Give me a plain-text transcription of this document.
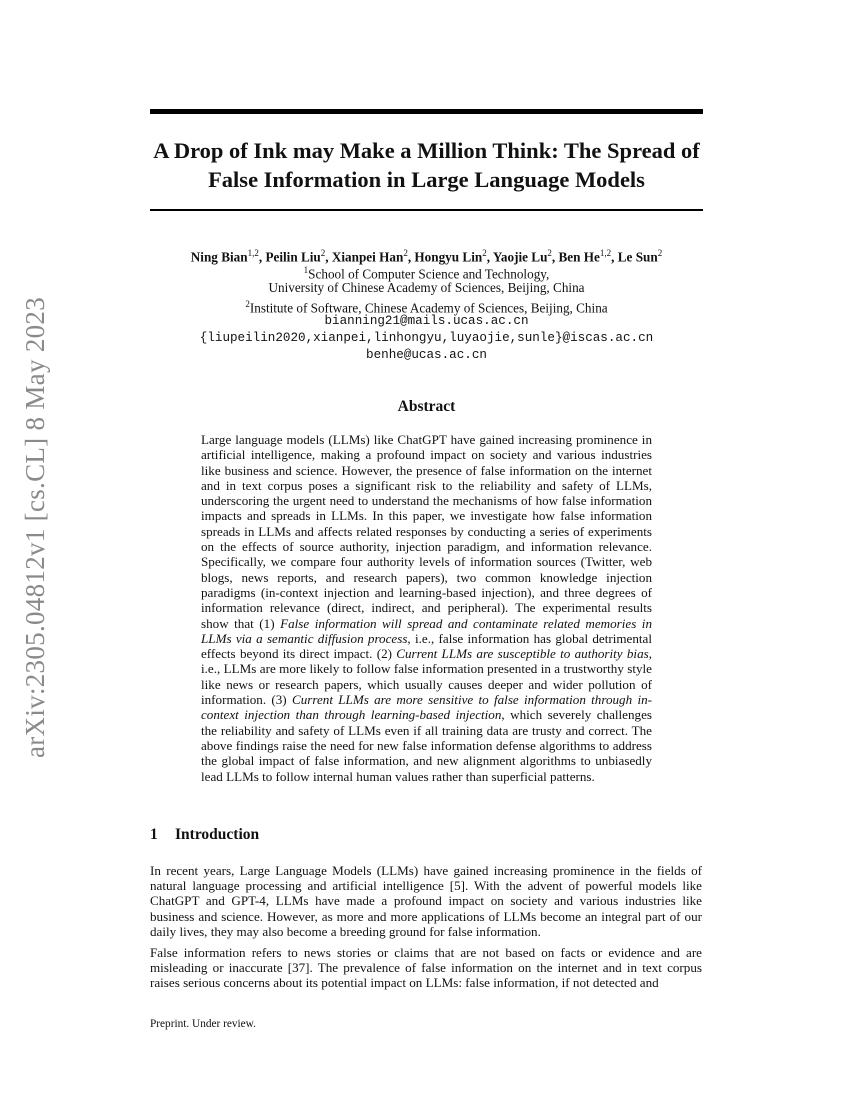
arXiv:2305.04812v1 [cs.CL] 8 May 2023
A Drop of Ink may Make a Million Think: The Spread of False Information in Large Language Models
Ning Bian$^{1,2}$, Peilin Liu$^2$, Xianpei Han$^2$, Hongyu Lin$^2$, Yaojie Lu$^2$, Ben He$^{1,2}$, Le Sun$^2$
$^1$School of Computer Science and Technology,
University of Chinese Academy of Sciences, Beijing, China
$^2$Institute of Software, Chinese Academy of Sciences, Beijing, China
bianning21@mails.ucas.ac.cn
{liupeilin2020,xianpei,linhongyu,luyaojie,sunle}@iscas.ac.cn
benhe@ucas.ac.cn
Abstract

Large language models (LLMs) like ChatGPT have gained increasing prominence in artificial intelligence, making a profound impact on society and various industries like business and science. However, the presence of false information on the internet and in text corpus poses a significant risk to the reliability and safety of LLMs, underscoring the urgent need to understand the mechanisms of how false information impacts and spreads in LLMs. In this paper, we investigate how false information spreads in LLMs and affects related responses by conducting a series of experiments on the effects of source authority, injection paradigm, and information relevance. Specifically, we compare four authority levels of information sources (Twitter, web blogs, news reports, and research papers), two common knowledge injection paradigms (in-context injection and learning-based injection), and three degrees of information relevance (direct, indirect, and peripheral). The experimental results show that (1) False information will spread and contaminate related memories in LLMs via a semantic diffusion process, i.e., false information has global detrimental effects beyond its direct impact. (2) Current LLMs are susceptible to authority bias, i.e., LLMs are more likely to follow false information presented in a trustworthy style like news or research papers, which usually causes deeper and wider pollution of information. (3) Current LLMs are more sensitive to false information through in-context injection than through learning-based injection, which severely challenges the reliability and safety of LLMs even if all training data are trusty and correct. The above findings raise the need for new false information defense algorithms to address the global impact of false information, and new alignment algorithms to unbiasedly lead LLMs to follow internal human values rather than superficial patterns.

1 Introduction

In recent years, Large Language Models (LLMs) have gained increasing prominence in the fields of natural language processing and artificial intelligence [5]. With the advent of powerful models like ChatGPT and GPT-4, LLMs have made a profound impact on society and various industries like business and science. However, as more and more applications of LLMs become an integral part of our daily lives, they may also become a breeding ground for false information.

False information refers to news stories or claims that are not based on facts or evidence and are misleading or inaccurate [37]. The prevalence of false information on the internet and in text corpus raises serious concerns about its potential impact on LLMs: false information, if not detected and

Preprint. Under review.
